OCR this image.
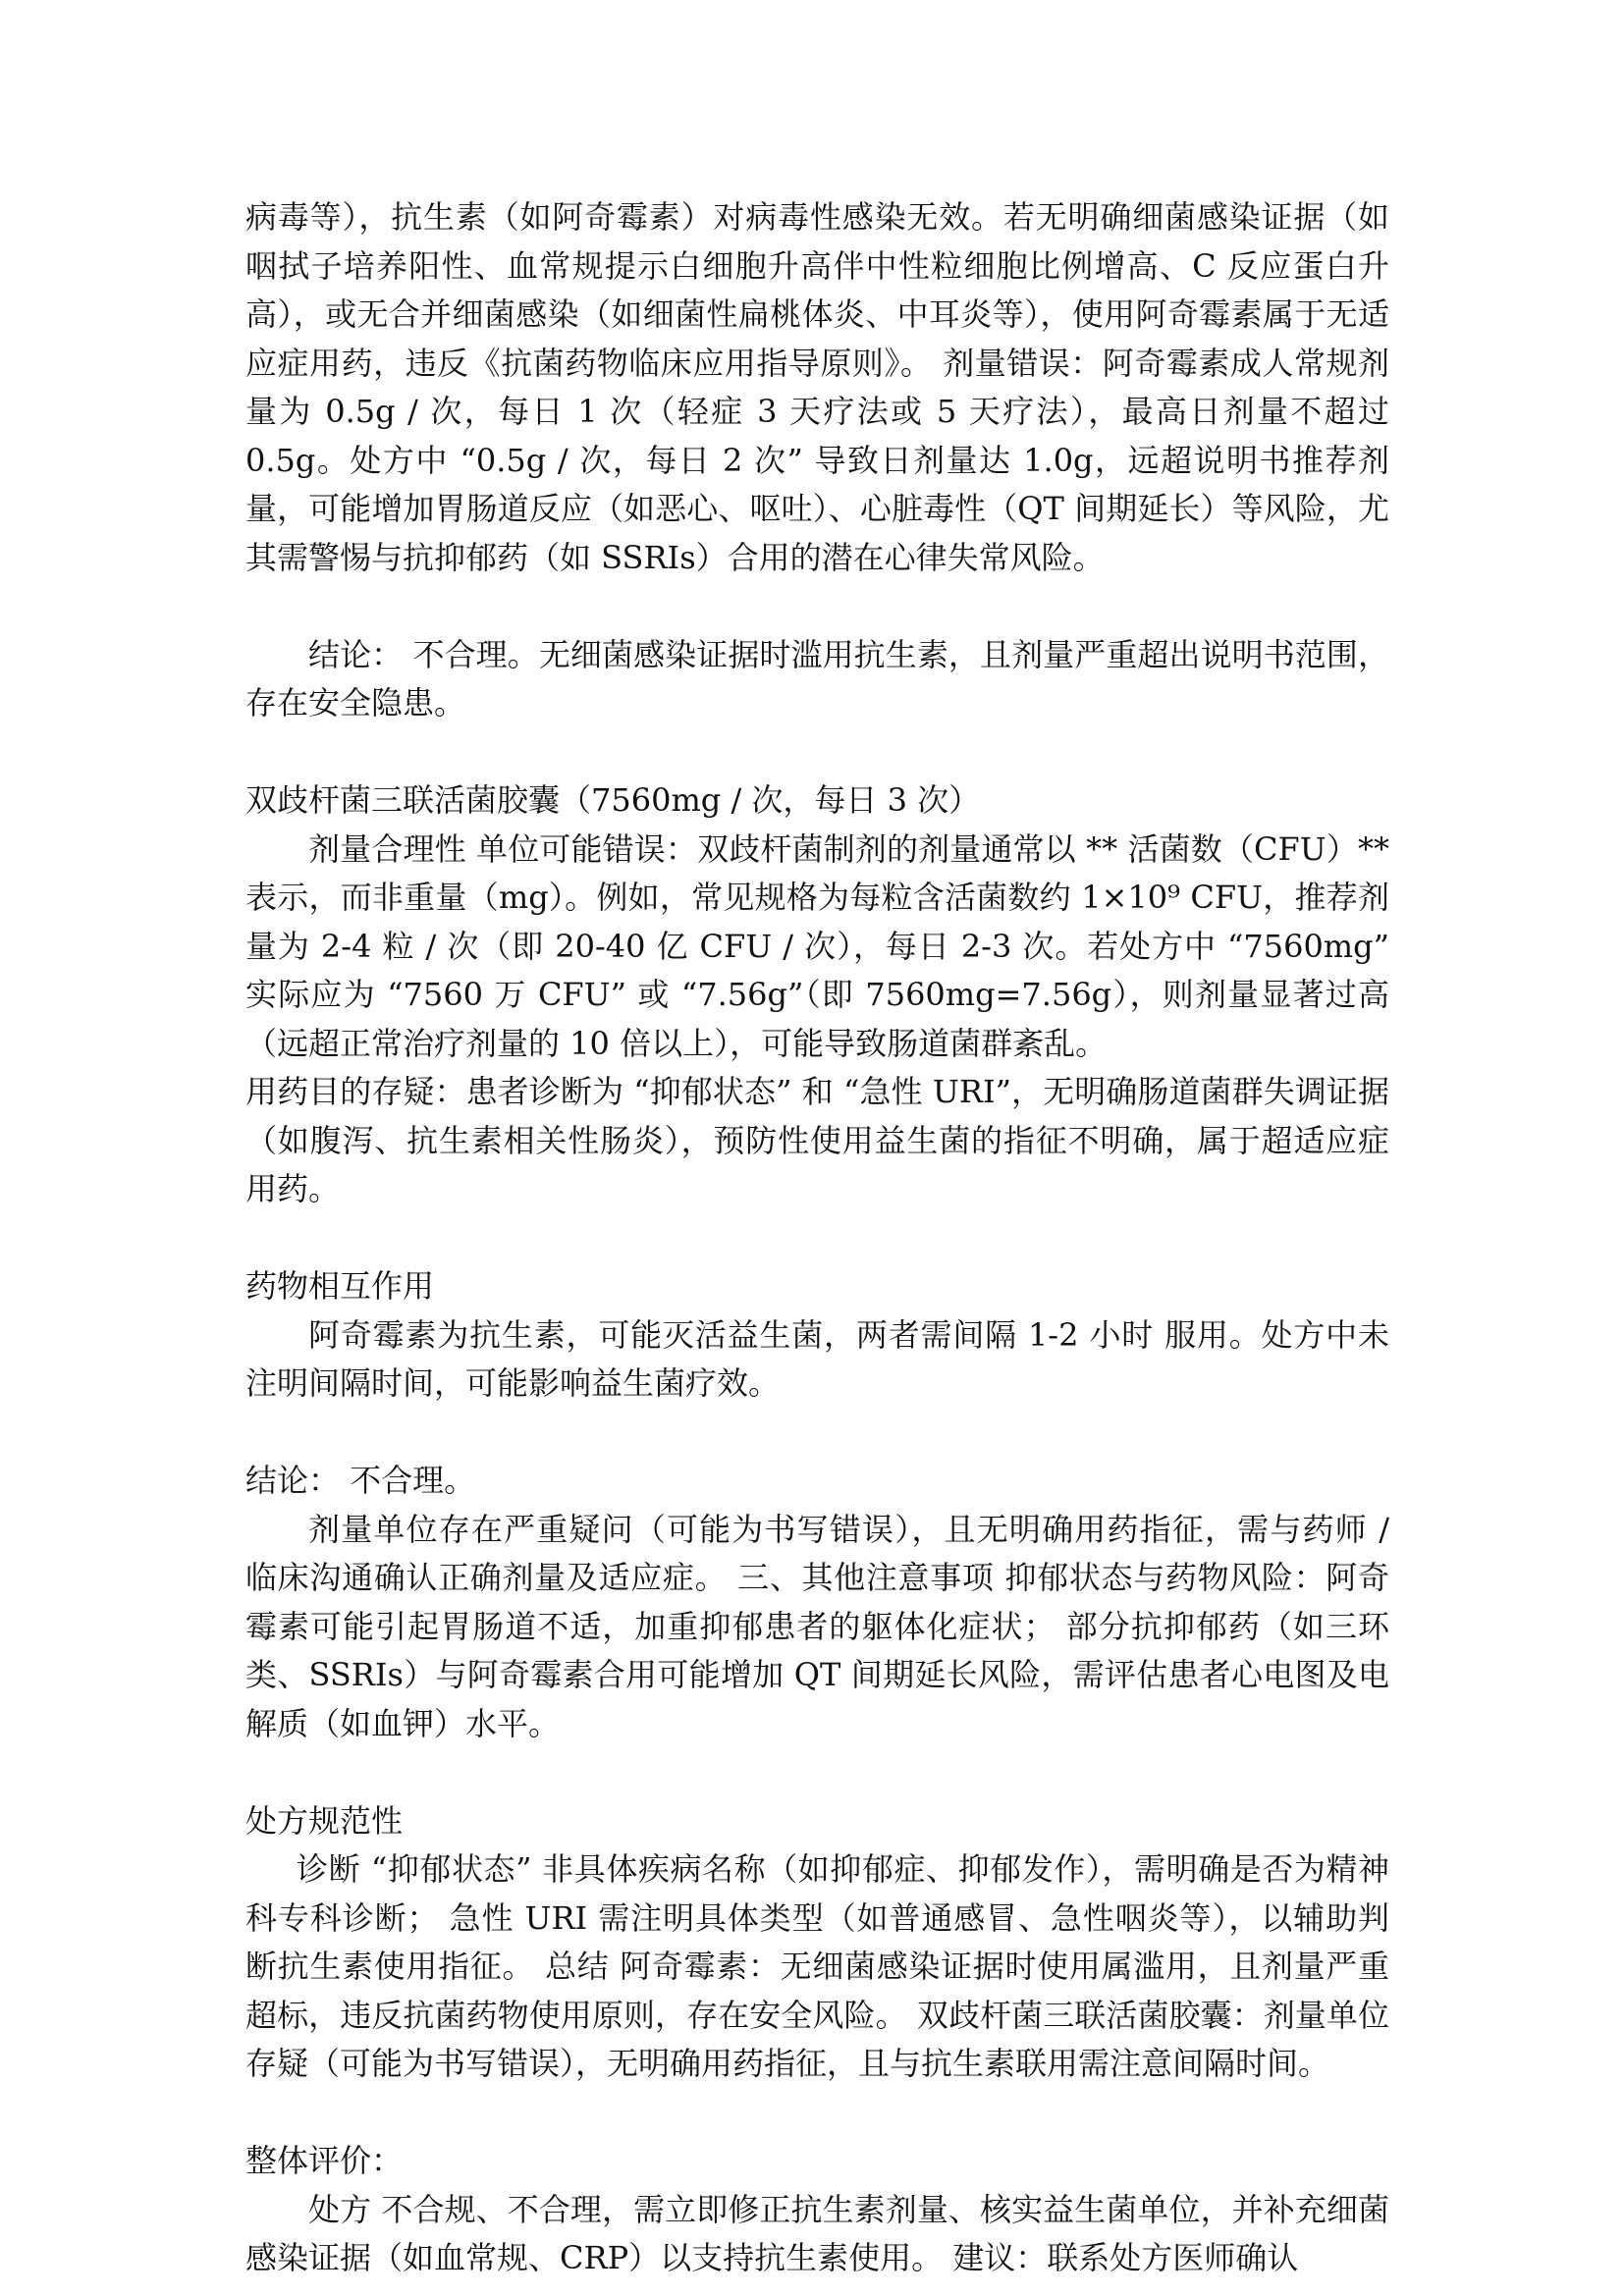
病毒等），抗生素（如阿奇霉素）对病毒性感染无效。若无明确细菌感染证据（如咽拭子培养阳性、血常规提示白细胞升高伴中性粒细胞比例增高、C 反应蛋白升高），或无合并细菌感染（如细菌性扁桃体炎、中耳炎等），使用阿奇霉素属于无适应症用药，违反《抗菌药物临床应用指导原则》。 剂量错误：阿奇霉素成人常规剂量为 0.5g / 次，每日 1 次（轻症 3 天疗法或 5 天疗法），最高日剂量不超过 0.5g。处方中 “0.5g / 次，每日 2 次” 导致日剂量达 1.0g，远超说明书推荐剂量，可能增加胃肠道反应（如恶心、呕吐）、心脏毒性（QT 间期延长）等风险，尤其需警惕与抗抑郁药（如 SSRIs）合用的潜在心律失常风险。

结论： 不合理。无细菌感染证据时滥用抗生素，且剂量严重超出说明书范围，存在安全隐患。

双歧杆菌三联活菌胶囊（7560mg / 次，每日 3 次）

剂量合理性 单位可能错误：双歧杆菌制剂的剂量通常以 ** 活菌数（CFU）** 表示，而非重量（mg）。例如，常见规格为每粒含活菌数约 1×10⁹ CFU，推荐剂量为 2-4 粒 / 次（即 20-40 亿 CFU / 次），每日 2-3 次。若处方中 “7560mg” 实际应为 “7560 万 CFU” 或 “7.56g”（即 7560mg=7.56g），则剂量显著过高（远超正常治疗剂量的 10 倍以上），可能导致肠道菌群紊乱。

用药目的存疑：患者诊断为 “抑郁状态” 和 “急性 URI”，无明确肠道菌群失调证据（如腹泻、抗生素相关性肠炎），预防性使用益生菌的指征不明确，属于超适应症用药。

药物相互作用

阿奇霉素为抗生素，可能灭活益生菌，两者需间隔 1-2 小时 服用。处方中未注明间隔时间，可能影响益生菌疗效。

结论： 不合理。

剂量单位存在严重疑问（可能为书写错误），且无明确用药指征，需与药师 / 临床沟通确认正确剂量及适应症。 三、其他注意事项 抑郁状态与药物风险：阿奇霉素可能引起胃肠道不适，加重抑郁患者的躯体化症状； 部分抗抑郁药（如三环类、SSRIs）与阿奇霉素合用可能增加 QT 间期延长风险，需评估患者心电图及电解质（如血钾）水平。

处方规范性

诊断 “抑郁状态” 非具体疾病名称（如抑郁症、抑郁发作），需明确是否为精神科专科诊断； 急性 URI 需注明具体类型（如普通感冒、急性咽炎等），以辅助判断抗生素使用指征。 总结 阿奇霉素：无细菌感染证据时使用属滥用，且剂量严重超标，违反抗菌药物使用原则，存在安全风险。 双歧杆菌三联活菌胶囊：剂量单位存疑（可能为书写错误），无明确用药指征，且与抗生素联用需注意间隔时间。

整体评价：

处方 不合规、不合理，需立即修正抗生素剂量、核实益生菌单位，并补充细菌感染证据（如血常规、CRP）以支持抗生素使用。 建议：联系处方医师确认
